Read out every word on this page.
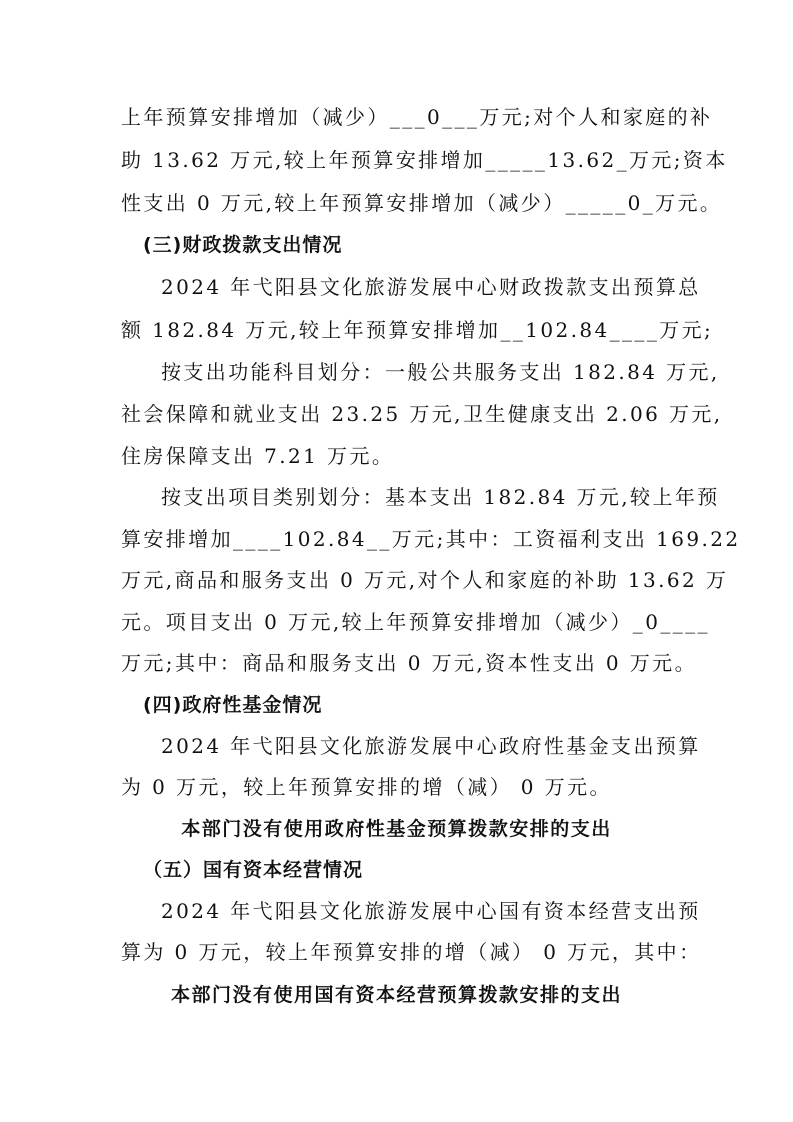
上年预算安排增加（减少）___0___万元;对个人和家庭的补
助 13.62 万元,较上年预算安排增加_____13.62_万元;资本
性支出 0 万元,较上年预算安排增加（减少）_____0_万元。
(三)财政拨款支出情况
2024 年弋阳县文化旅游发展中心财政拨款支出预算总
额 182.84 万元,较上年预算安排增加__102.84____万元;
按支出功能科目划分：一般公共服务支出 182.84 万元,
社会保障和就业支出 23.25 万元,卫生健康支出 2.06 万元,
住房保障支出 7.21 万元。
按支出项目类别划分：基本支出 182.84 万元,较上年预
算安排增加____102.84__万元;其中：工资福利支出 169.22
万元,商品和服务支出 0 万元,对个人和家庭的补助 13.62 万
元。项目支出 0 万元,较上年预算安排增加（减少）_0____
万元;其中：商品和服务支出 0 万元,资本性支出 0 万元。
(四)政府性基金情况
2024 年弋阳县文化旅游发展中心政府性基金支出预算
为 0 万元，较上年预算安排的增（减） 0 万元。
本部门没有使用政府性基金预算拨款安排的支出
（五）国有资本经营情况
2024 年弋阳县文化旅游发展中心国有资本经营支出预
算为 0 万元，较上年预算安排的增（减） 0 万元，其中：
本部门没有使用国有资本经营预算拨款安排的支出
